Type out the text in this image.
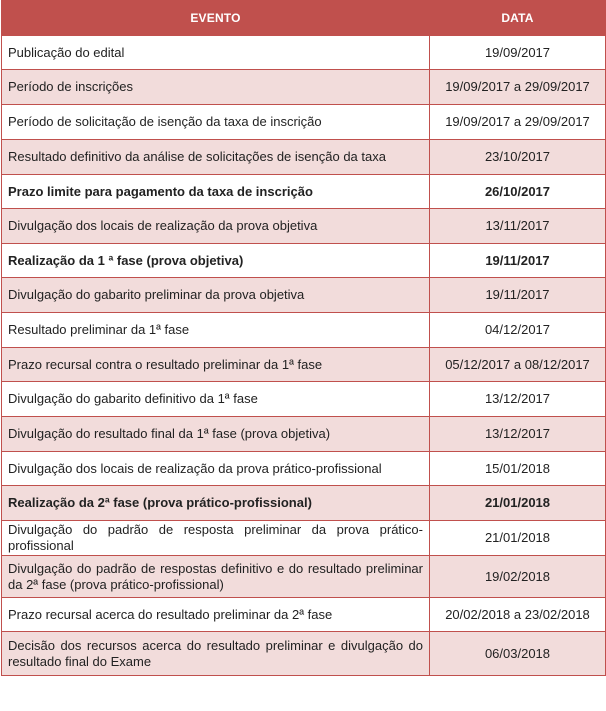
EVENTO	DATA
Publicação do edital	19/09/2017
Período de inscrições	19/09/2017 a 29/09/2017
Período de solicitação de isenção da taxa de inscrição	19/09/2017 a 29/09/2017
Resultado definitivo da análise de solicitações de isenção da taxa	23/10/2017
Prazo limite para pagamento da taxa de inscrição	26/10/2017
Divulgação dos locais de realização da prova objetiva	13/11/2017
Realização da 1 ª fase (prova objetiva)	19/11/2017
Divulgação do gabarito preliminar da prova objetiva	19/11/2017
Resultado preliminar da 1ª fase	04/12/2017
Prazo recursal contra o resultado preliminar da 1ª fase	05/12/2017 a 08/12/2017
Divulgação do gabarito definitivo da 1ª fase	13/12/2017
Divulgação do resultado final da 1ª fase (prova objetiva)	13/12/2017
Divulgação dos locais de realização da prova prático-profissional	15/01/2018
Realização da 2ª fase (prova prático-profissional)	21/01/2018
Divulgação do padrão de resposta preliminar da prova prático-profissional	21/01/2018
Divulgação do padrão de respostas definitivo e do resultado preliminar da 2ª fase (prova prático-profissional)	19/02/2018
Prazo recursal acerca do resultado preliminar da 2ª fase	20/02/2018 a 23/02/2018
Decisão dos recursos acerca do resultado preliminar e divulgação do resultado final do Exame	06/03/2018
